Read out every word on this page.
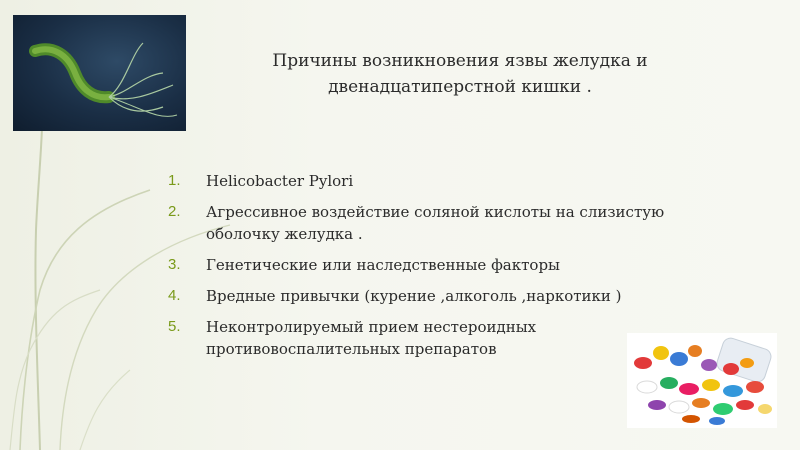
Причины возникновения язвы желудка и
двенадцатиперстной кишки .
1.	Helicobacter Pylori
2.	Агрессивное воздействие соляной кислоты на слизистую оболочку желудка .
3.	Генетические или наследственные факторы
4.	Вредные привычки (курение ,алкоголь ,наркотики )
5.	Неконтролируемый прием нестероидных противовоспалительных препаратов
